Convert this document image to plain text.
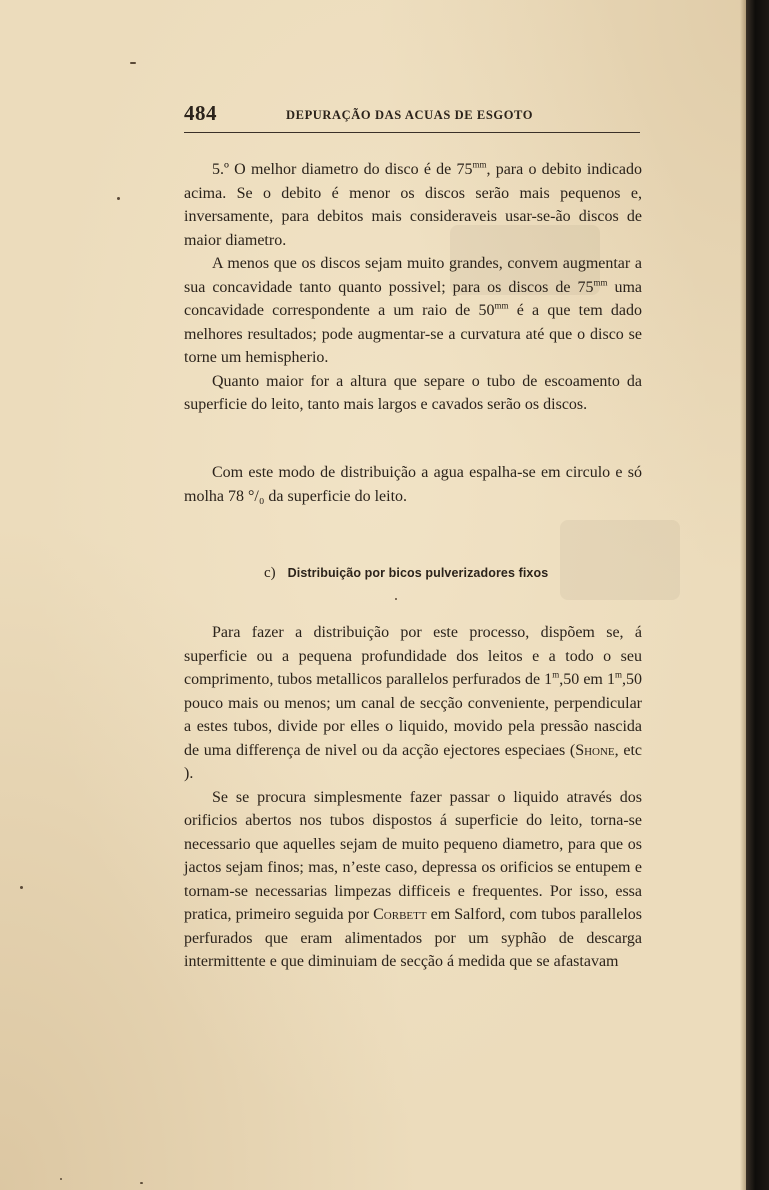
484	DEPURAÇÃO DAS ACUAS DE ESGOTO

5.º O melhor diametro do disco é de $75^{mm}$, para o debito indicado acima. Se o debito é menor os discos serão mais pequenos e, inversamente, para debitos mais consideraveis usar-se-ão discos de maior diametro.

A menos que os discos sejam muito grandes, convem augmentar a sua concavidade tanto quanto possivel; para os discos de $75^{mm}$ uma concavidade correspondente a um raio de $50^{mm}$ é a que tem dado melhores resultados; pode augmentar-se a curvatura até que o disco se torne um hemispherio.

Quanto maior for a altura que separe o tubo de escoamento da superficie do leito, tanto mais largos e cavados serão os discos.

Com este modo de distribuição a agua espalha-se em circulo e só molha 78 °/₀ da superficie do leito.

c) Distribuição por bicos pulverizadores fixos

Para fazer a distribuição por este processo, dispõem se, á superficie ou a pequena profundidade dos leitos e a todo o seu comprimento, tubos metallicos parallelos perfurados de 1$^m$,50 em 1$^m$,50 pouco mais ou menos; um canal de secção conveniente, perpendicular a estes tubos, divide por elles o liquido, movido pela pressão nascida de uma differença de nivel ou da acção ejectores especiaes (Shone, etc ).

Se se procura simplesmente fazer passar o liquido através dos orificios abertos nos tubos dispostos á superficie do leito, torna-se necessario que aquelles sejam de muito pequeno diametro, para que os jactos sejam finos; mas, n’este caso, depressa os orificios se entupem e tornam-se necessarias limpezas difficeis e frequentes. Por isso, essa pratica, primeiro seguida por Corbett em Salford, com tubos parallelos perfurados que eram alimentados por um syphão de descarga intermittente e que diminuiam de secção á medida que se afastavam
